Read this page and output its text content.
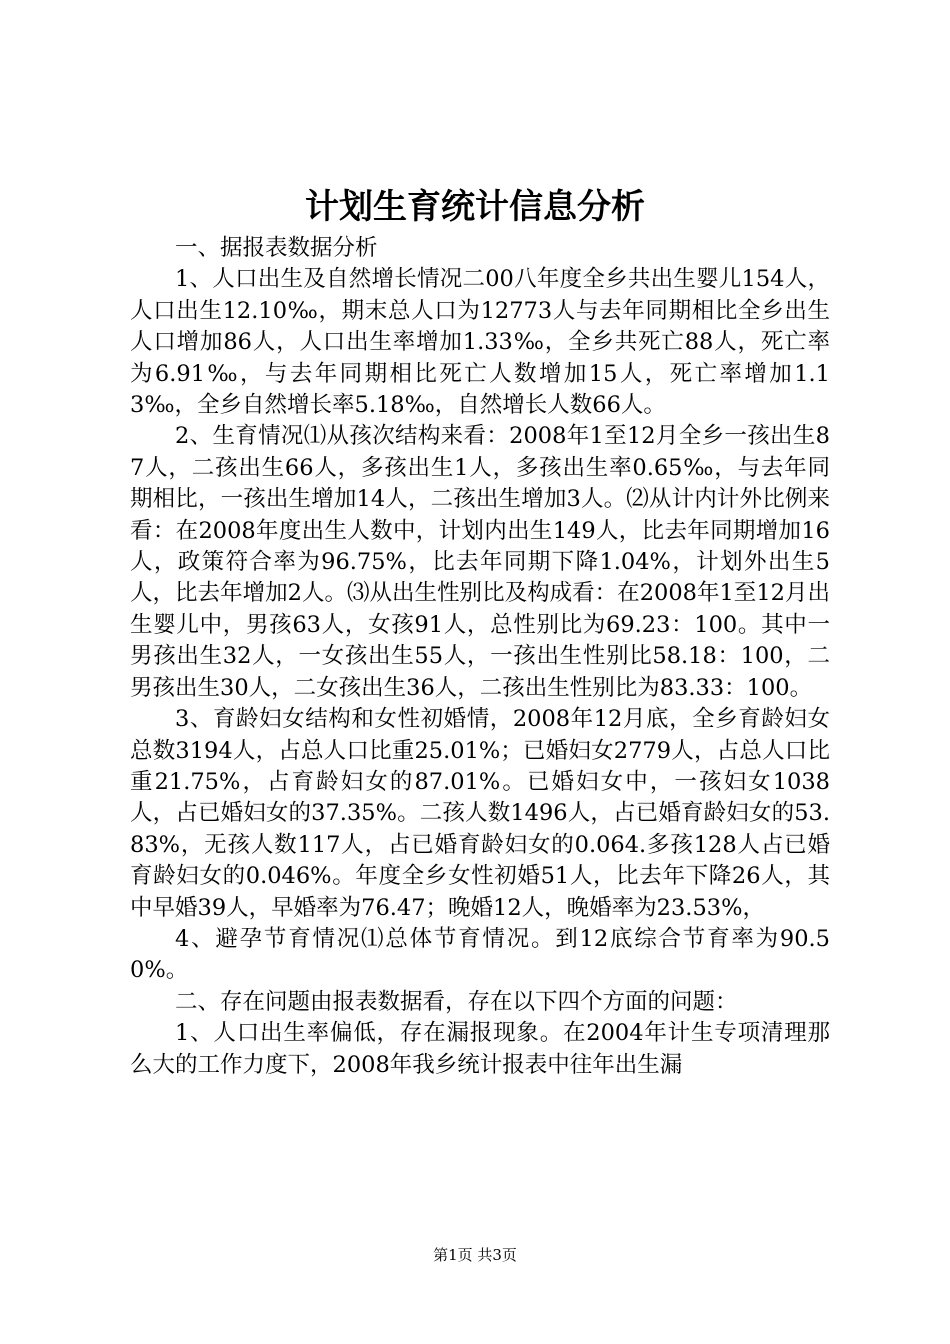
计划生育统计信息分析

一、据报表数据分析

1、人口出生及自然增长情况二00八年度全乡共出生婴儿154人，人口出生12.10‰，期末总人口为12773人与去年同期相比全乡出生人口增加86人，人口出生率增加1.33‰，全乡共死亡88人，死亡率为6.91‰，与去年同期相比死亡人数增加15人，死亡率增加1.13‰，全乡自然增长率5.18‰，自然增长人数66人。

2、生育情况⑴从孩次结构来看：2008年1至12月全乡一孩出生87人，二孩出生66人，多孩出生1人，多孩出生率0.65‰，与去年同期相比，一孩出生增加14人，二孩出生增加3人。⑵从计内计外比例来看：在2008年度出生人数中，计划内出生149人，比去年同期增加16人，政策符合率为96.75%，比去年同期下降1.04%，计划外出生5人，比去年增加2人。⑶从出生性别比及构成看：在2008年1至12月出生婴儿中，男孩63人，女孩91人，总性别比为69.23：100。其中一男孩出生32人，一女孩出生55人，一孩出生性别比58.18：100，二男孩出生30人，二女孩出生36人，二孩出生性别比为83.33：100。

3、育龄妇女结构和女性初婚情，2008年12月底，全乡育龄妇女总数3194人，占总人口比重25.01%；已婚妇女2779人，占总人口比重21.75%，占育龄妇女的87.01%。已婚妇女中，一孩妇女1038人，占已婚妇女的37.35%。二孩人数1496人，占已婚育龄妇女的53.83%，无孩人数117人，占已婚育龄妇女的0.064.多孩128人占已婚育龄妇女的0.046%。年度全乡女性初婚51人，比去年下降26人，其中早婚39人，早婚率为76.47；晚婚12人，晚婚率为23.53%，

4、避孕节育情况⑴总体节育情况。到12底综合节育率为90.50%。

二、存在问题由报表数据看，存在以下四个方面的问题：

1、人口出生率偏低，存在漏报现象。在2004年计生专项清理那么大的工作力度下，2008年我乡统计报表中往年出生漏

第1页 共3页
